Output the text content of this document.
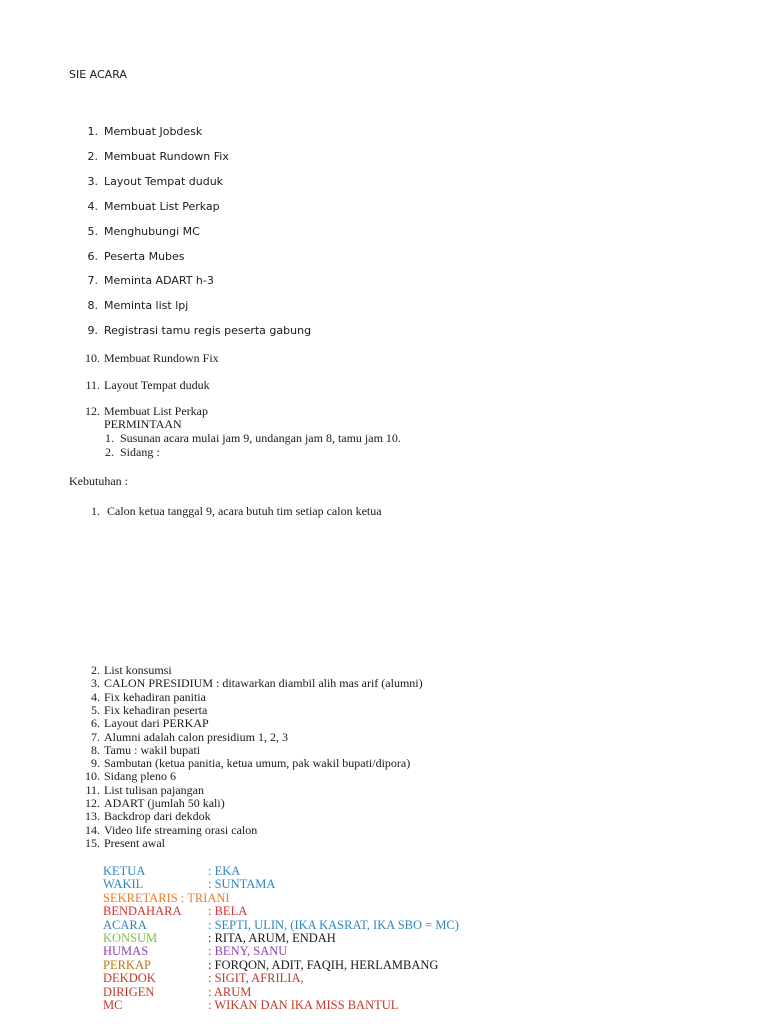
SIE ACARA
1. Membuat Jobdesk
2. Membuat Rundown Fix
3. Layout Tempat duduk
4. Membuat List Perkap
5. Menghubungi MC
6. Peserta Mubes
7. Meminta ADART h-3
8. Meminta list lpj
9. Registrasi tamu regis peserta gabung
10. Membuat Rundown Fix
11. Layout Tempat duduk
12. Membuat List Perkap
PERMINTAAN
1. Susunan acara mulai jam 9, undangan jam 8, tamu jam 10.
2. Sidang :
Kebutuhan :
1. Calon ketua tanggal 9, acara butuh tim setiap calon ketua
2. List konsumsi
3. CALON PRESIDIUM : ditawarkan diambil alih mas arif (alumni)
4. Fix kehadiran panitia
5. Fix kehadiran peserta
6. Layout dari PERKAP
7. Alumni adalah calon presidium 1, 2, 3
8. Tamu : wakil bupati
9. Sambutan (ketua panitia, ketua umum, pak wakil bupati/dipora)
10. Sidang pleno 6
11. List tulisan pajangan
12. ADART (jumlah 50 kali)
13. Backdrop dari dekdok
14. Video life streaming orasi calon
15. Present awal
KETUA	: EKA
WAKIL	: SUNTAMA
SEKRETARIS : TRIANI
BENDAHARA : BELA
ACARA	: SEPTI, ULIN, (IKA KASRAT, IKA SBO = MC)
KONSUM	: RITA, ARUM, ENDAH
HUMAS	: BENY, SANU
PERKAP	: FORQON, ADIT, FAQIH, HERLAMBANG
DEKDOK	: SIGIT, AFRILIA,
DIRIGEN	: ARUM
MC	: WIKAN DAN IKA MISS BANTUL
